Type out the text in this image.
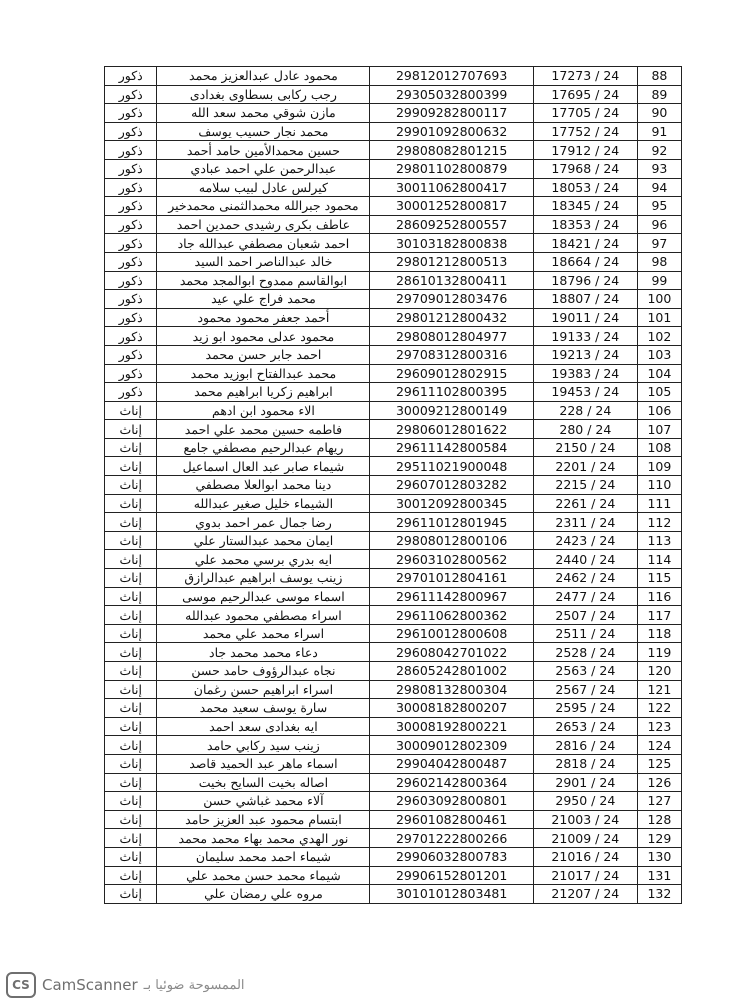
88	24 / 17273	29812012707693	محمود عادل عبدالعزيز محمد	ذكور
89	24 / 17695	29305032800399	رجب ركابى بسطاوى بغدادى	ذكور
90	24 / 17705	29909282800117	مازن شوقي محمد سعد الله	ذكور
91	24 / 17752	29901092800632	محمد نجار حسيب يوسف	ذكور
92	24 / 17912	29808082801215	حسين محمدالأمين حامد أحمد	ذكور
93	24 / 17968	29801102800879	عبدالرحمن علي احمد عبادي	ذكور
94	24 / 18053	30011062800417	كيرلس عادل لبيب سلامه	ذكور
95	24 / 18345	30001252800817	محمود جبرالله محمدالثمنى محمدخير	ذكور
96	24 / 18353	28609252800557	عاطف بكرى رشيدى حمدين احمد	ذكور
97	24 / 18421	30103182800838	احمد شعبان مصطفي عبدالله جاد	ذكور
98	24 / 18664	29801212800513	خالد عبدالناصر احمد السيد	ذكور
99	24 / 18796	28610132800411	ابوالقاسم ممدوح ابوالمجد محمد	ذكور
100	24 / 18807	29709012803476	محمد فراج علي عيد	ذكور
101	24 / 19011	29801212800432	أحمد جعفر محمود محمود	ذكور
102	24 / 19133	29808012804977	محمود عدلى محمود ابو زيد	ذكور
103	24 / 19213	29708312800316	احمد جابر حسن محمد	ذكور
104	24 / 19383	29609012802915	محمد عبدالفتاح ابوزيد محمد	ذكور
105	24 / 19453	29611102800395	ابراهيم زكريا ابراهيم محمد	ذكور
106	24 / 228	30009212800149	الاء محمود ابن ادهم	إناث
107	24 / 280	29806012801622	فاطمه حسين محمد علي احمد	إناث
108	24 / 2150	29611142800584	ريهام عبدالرحيم مصطفي جامع	إناث
109	24 / 2201	29511021900048	شيماء صابر عبد العال اسماعيل	إناث
110	24 / 2215	29607012803282	دينا محمد ابوالعلا مصطفي	إناث
111	24 / 2261	30012092800345	الشيماء خليل صغير عبدالله	إناث
112	24 / 2311	29611012801945	رضا جمال عمر احمد بدوي	إناث
113	24 / 2423	29808012800106	ايمان محمد عبدالستار علي	إناث
114	24 / 2440	29603102800562	ايه بدري برسي محمد علي	إناث
115	24 / 2462	29701012804161	زينب يوسف ابراهيم عبدالرازق	إناث
116	24 / 2477	29611142800967	اسماء موسى عبدالرحيم موسى	إناث
117	24 / 2507	29611062800362	اسراء مصطفي محمود عبدالله	إناث
118	24 / 2511	29610012800608	اسراء محمد علي محمد	إناث
119	24 / 2528	29608042701022	دعاء محمد محمد جاد	إناث
120	24 / 2563	28605242801002	نجاه عبدالرؤوف حامد حسن	إناث
121	24 / 2567	29808132800304	اسراء ابراهيم حسن رغمان	إناث
122	24 / 2595	30008182800207	سارة يوسف سعيد محمد	إناث
123	24 / 2653	30008192800221	ايه بغدادى سعد احمد	إناث
124	24 / 2816	30009012802309	زينب سيد ركابي حامد	إناث
125	24 / 2818	29904042800487	اسماء ماهر عبد الحميد قاصد	إناث
126	24 / 2901	29602142800364	اصاله بخيت السايح بخيت	إناث
127	24 / 2950	29603092800801	آلاء محمد غباشي حسن	إناث
128	24 / 21003	29601082800461	ابتسام محمود عبد العزيز حامد	إناث
129	24 / 21009	29701222800266	نور الهدي محمد بهاء محمد محمد	إناث
130	24 / 21016	29906032800783	شيماء احمد محمد سليمان	إناث
131	24 / 21017	29906152801201	شيماء محمد حسن محمد علي	إناث
132	24 / 21207	30101012803481	مروه علي رمضان علي	إناث
CS CamScanner الممسوحة ضوئيا بـ
